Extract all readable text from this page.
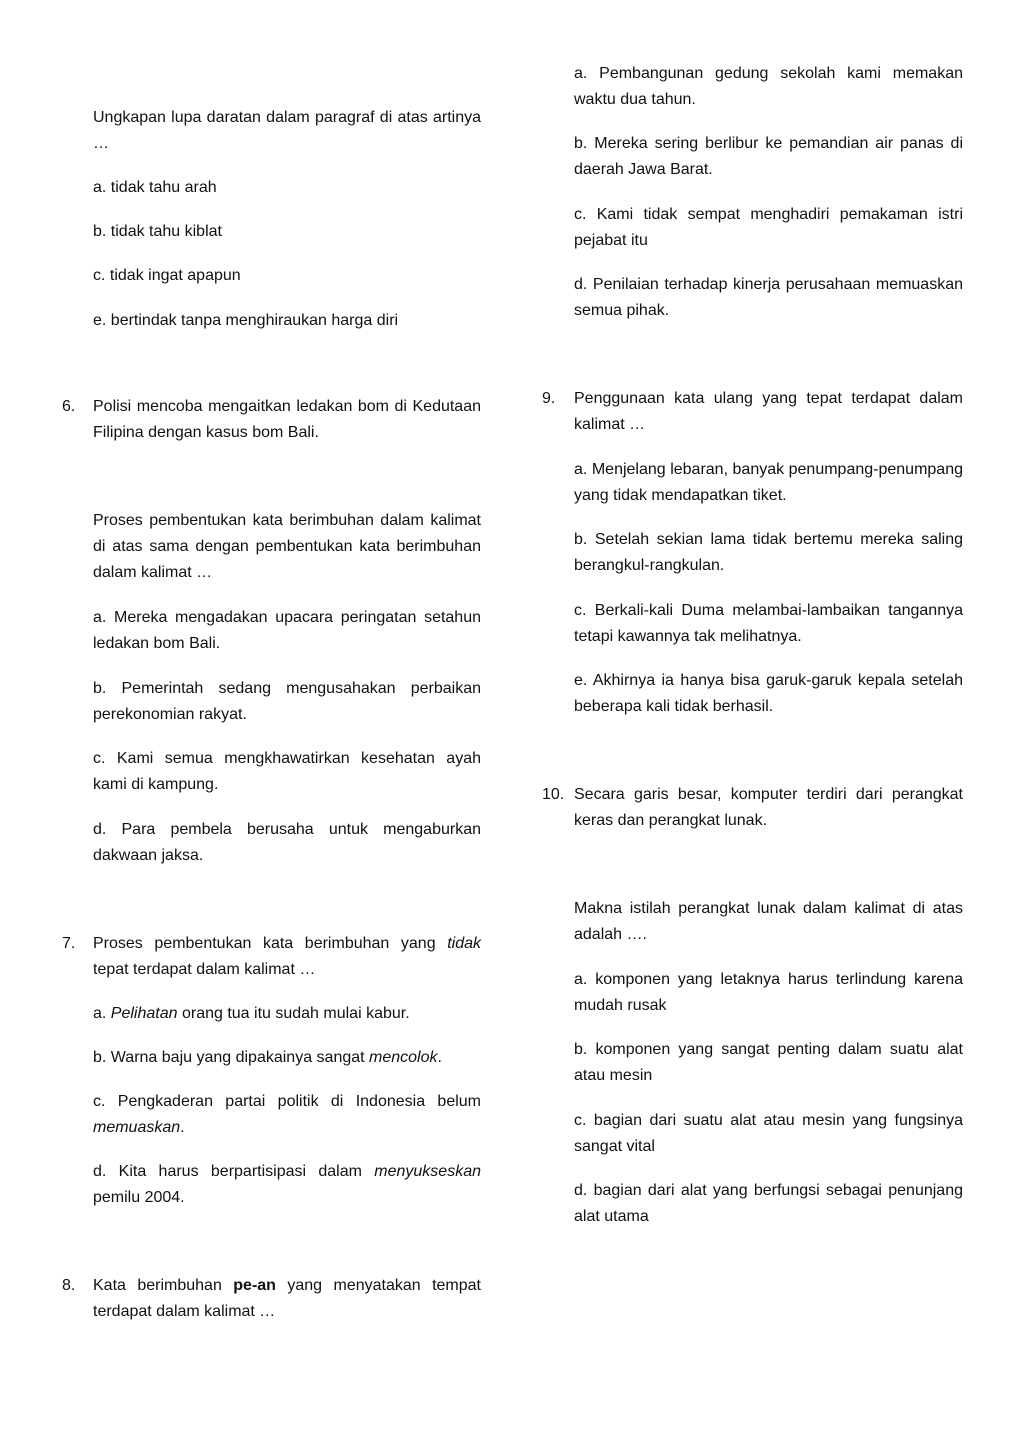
Ungkapan lupa daratan dalam paragraf di atas artinya …

a. tidak tahu arah

b. tidak tahu kiblat

c. tidak ingat apapun

e. bertindak tanpa menghiraukan harga diri

6. Polisi mencoba mengaitkan ledakan bom di Kedutaan Filipina dengan kasus bom Bali.

Proses pembentukan kata berimbuhan dalam kalimat di atas sama dengan pembentukan kata berimbuhan dalam kalimat …

a. Mereka mengadakan upacara peringatan setahun ledakan bom Bali.

b. Pemerintah sedang mengusahakan perbaikan perekonomian rakyat.

c. Kami semua mengkhawatirkan kesehatan ayah kami di kampung.

d. Para pembela berusaha untuk mengaburkan dakwaan jaksa.

7. Proses pembentukan kata berimbuhan yang tidak tepat terdapat dalam kalimat …

a. Pelihatan orang tua itu sudah mulai kabur.

b. Warna baju yang dipakainya sangat mencolok.

c. Pengkaderan partai politik di Indonesia belum memuaskan.

d. Kita harus berpartisipasi dalam menyukseskan pemilu 2004.

8. Kata berimbuhan pe-an yang menyatakan tempat terdapat dalam kalimat …

a. Pembangunan gedung sekolah kami memakan waktu dua tahun.

b. Mereka sering berlibur ke pemandian air panas di daerah Jawa Barat.

c. Kami tidak sempat menghadiri pemakaman istri pejabat itu

d. Penilaian terhadap kinerja perusahaan memuaskan semua pihak.

9. Penggunaan kata ulang yang tepat terdapat dalam kalimat …

a. Menjelang lebaran, banyak penumpang-penumpang yang tidak mendapatkan tiket.

b. Setelah sekian lama tidak bertemu mereka saling berangkul-rangkulan.

c. Berkali-kali Duma melambai-lambaikan tangannya tetapi kawannya tak melihatnya.

e. Akhirnya ia hanya bisa garuk-garuk kepala setelah beberapa kali tidak berhasil.

10. Secara garis besar, komputer terdiri dari perangkat keras dan perangkat lunak.

Makna istilah perangkat lunak dalam kalimat di atas adalah ….

a. komponen yang letaknya harus terlindung karena mudah rusak

b. komponen yang sangat penting dalam suatu alat atau mesin

c. bagian dari suatu alat atau mesin yang fungsinya sangat vital

d. bagian dari alat yang berfungsi sebagai penunjang alat utama
